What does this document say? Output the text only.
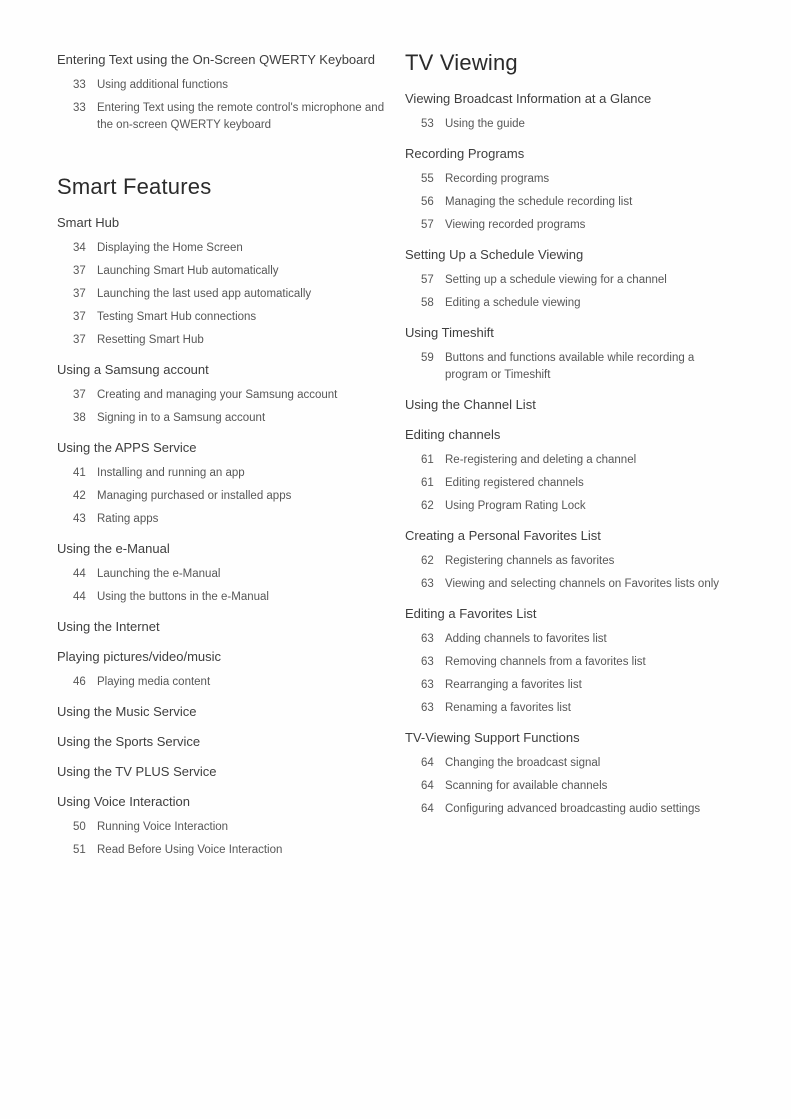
Entering Text using the On-Screen QWERTY Keyboard
33 Using additional functions
33 Entering Text using the remote control's microphone and the on-screen QWERTY keyboard
Smart Features
Smart Hub
34 Displaying the Home Screen
37 Launching Smart Hub automatically
37 Launching the last used app automatically
37 Testing Smart Hub connections
37 Resetting Smart Hub
Using a Samsung account
37 Creating and managing your Samsung account
38 Signing in to a Samsung account
Using the APPS Service
41 Installing and running an app
42 Managing purchased or installed apps
43 Rating apps
Using the e-Manual
44 Launching the e-Manual
44 Using the buttons in the e-Manual
Using the Internet
Playing pictures/video/music
46 Playing media content
Using the Music Service
Using the Sports Service
Using the TV PLUS Service
Using Voice Interaction
50 Running Voice Interaction
51 Read Before Using Voice Interaction
TV Viewing
Viewing Broadcast Information at a Glance
53 Using the guide
Recording Programs
55 Recording programs
56 Managing the schedule recording list
57 Viewing recorded programs
Setting Up a Schedule Viewing
57 Setting up a schedule viewing for a channel
58 Editing a schedule viewing
Using Timeshift
59 Buttons and functions available while recording a program or Timeshift
Using the Channel List
Editing channels
61 Re-registering and deleting a channel
61 Editing registered channels
62 Using Program Rating Lock
Creating a Personal Favorites List
62 Registering channels as favorites
63 Viewing and selecting channels on Favorites lists only
Editing a Favorites List
63 Adding channels to favorites list
63 Removing channels from a favorites list
63 Rearranging a favorites list
63 Renaming a favorites list
TV-Viewing Support Functions
64 Changing the broadcast signal
64 Scanning for available channels
64 Configuring advanced broadcasting audio settings
